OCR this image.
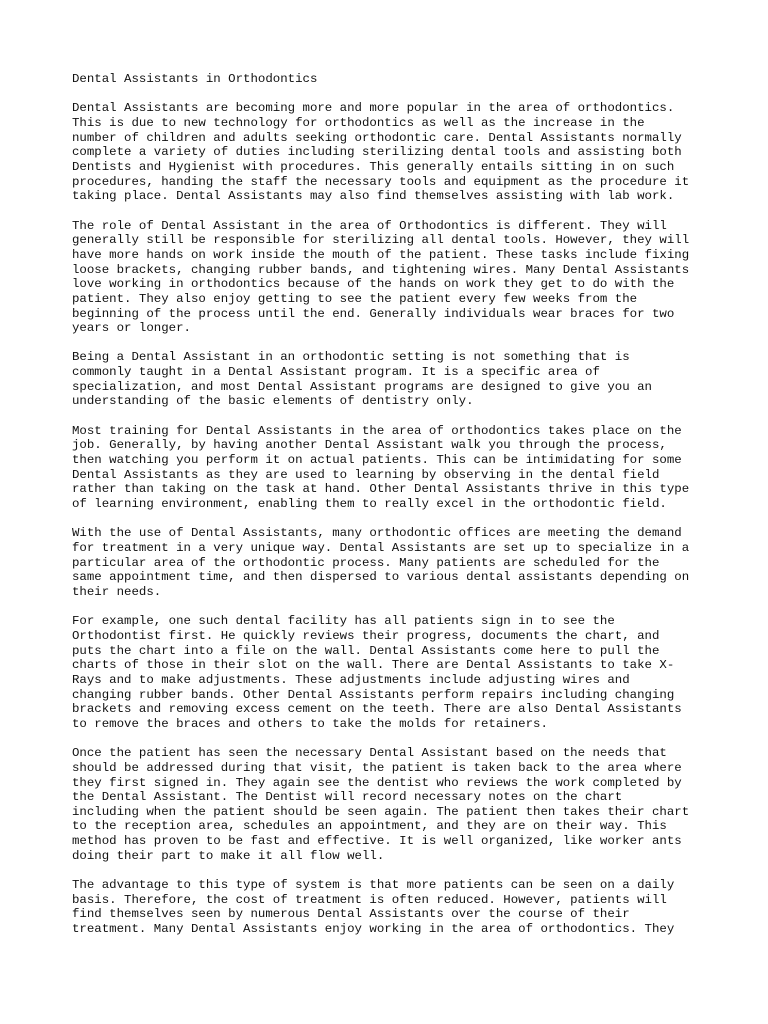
Dental Assistants in Orthodontics
Dental Assistants are becoming more and more popular in the area of orthodontics.
This is due to new technology for orthodontics as well as the increase in the
number of children and adults seeking orthodontic care. Dental Assistants normally
complete a variety of duties including sterilizing dental tools and assisting both
Dentists and Hygienist with procedures. This generally entails sitting in on such
procedures, handing the staff the necessary tools and equipment as the procedure it
taking place. Dental Assistants may also find themselves assisting with lab work.
The role of Dental Assistant in the area of Orthodontics is different. They will
generally still be responsible for sterilizing all dental tools. However, they will
have more hands on work inside the mouth of the patient. These tasks include fixing
loose brackets, changing rubber bands, and tightening wires. Many Dental Assistants
love working in orthodontics because of the hands on work they get to do with the
patient. They also enjoy getting to see the patient every few weeks from the
beginning of the process until the end. Generally individuals wear braces for two
years or longer.
Being a Dental Assistant in an orthodontic setting is not something that is
commonly taught in a Dental Assistant program. It is a specific area of
specialization, and most Dental Assistant programs are designed to give you an
understanding of the basic elements of dentistry only.
Most training for Dental Assistants in the area of orthodontics takes place on the
job. Generally, by having another Dental Assistant walk you through the process,
then watching you perform it on actual patients. This can be intimidating for some
Dental Assistants as they are used to learning by observing in the dental field
rather than taking on the task at hand. Other Dental Assistants thrive in this type
of learning environment, enabling them to really excel in the orthodontic field.
With the use of Dental Assistants, many orthodontic offices are meeting the demand
for treatment in a very unique way. Dental Assistants are set up to specialize in a
particular area of the orthodontic process. Many patients are scheduled for the
same appointment time, and then dispersed to various dental assistants depending on
their needs.
For example, one such dental facility has all patients sign in to see the
Orthodontist first. He quickly reviews their progress, documents the chart, and
puts the chart into a file on the wall. Dental Assistants come here to pull the
charts of those in their slot on the wall. There are Dental Assistants to take X-
Rays and to make adjustments. These adjustments include adjusting wires and
changing rubber bands. Other Dental Assistants perform repairs including changing
brackets and removing excess cement on the teeth. There are also Dental Assistants
to remove the braces and others to take the molds for retainers.
Once the patient has seen the necessary Dental Assistant based on the needs that
should be addressed during that visit, the patient is taken back to the area where
they first signed in. They again see the dentist who reviews the work completed by
the Dental Assistant. The Dentist will record necessary notes on the chart
including when the patient should be seen again. The patient then takes their chart
to the reception area, schedules an appointment, and they are on their way. This
method has proven to be fast and effective. It is well organized, like worker ants
doing their part to make it all flow well.
The advantage to this type of system is that more patients can be seen on a daily
basis. Therefore, the cost of treatment is often reduced. However, patients will
find themselves seen by numerous Dental Assistants over the course of their
treatment. Many Dental Assistants enjoy working in the area of orthodontics. They
